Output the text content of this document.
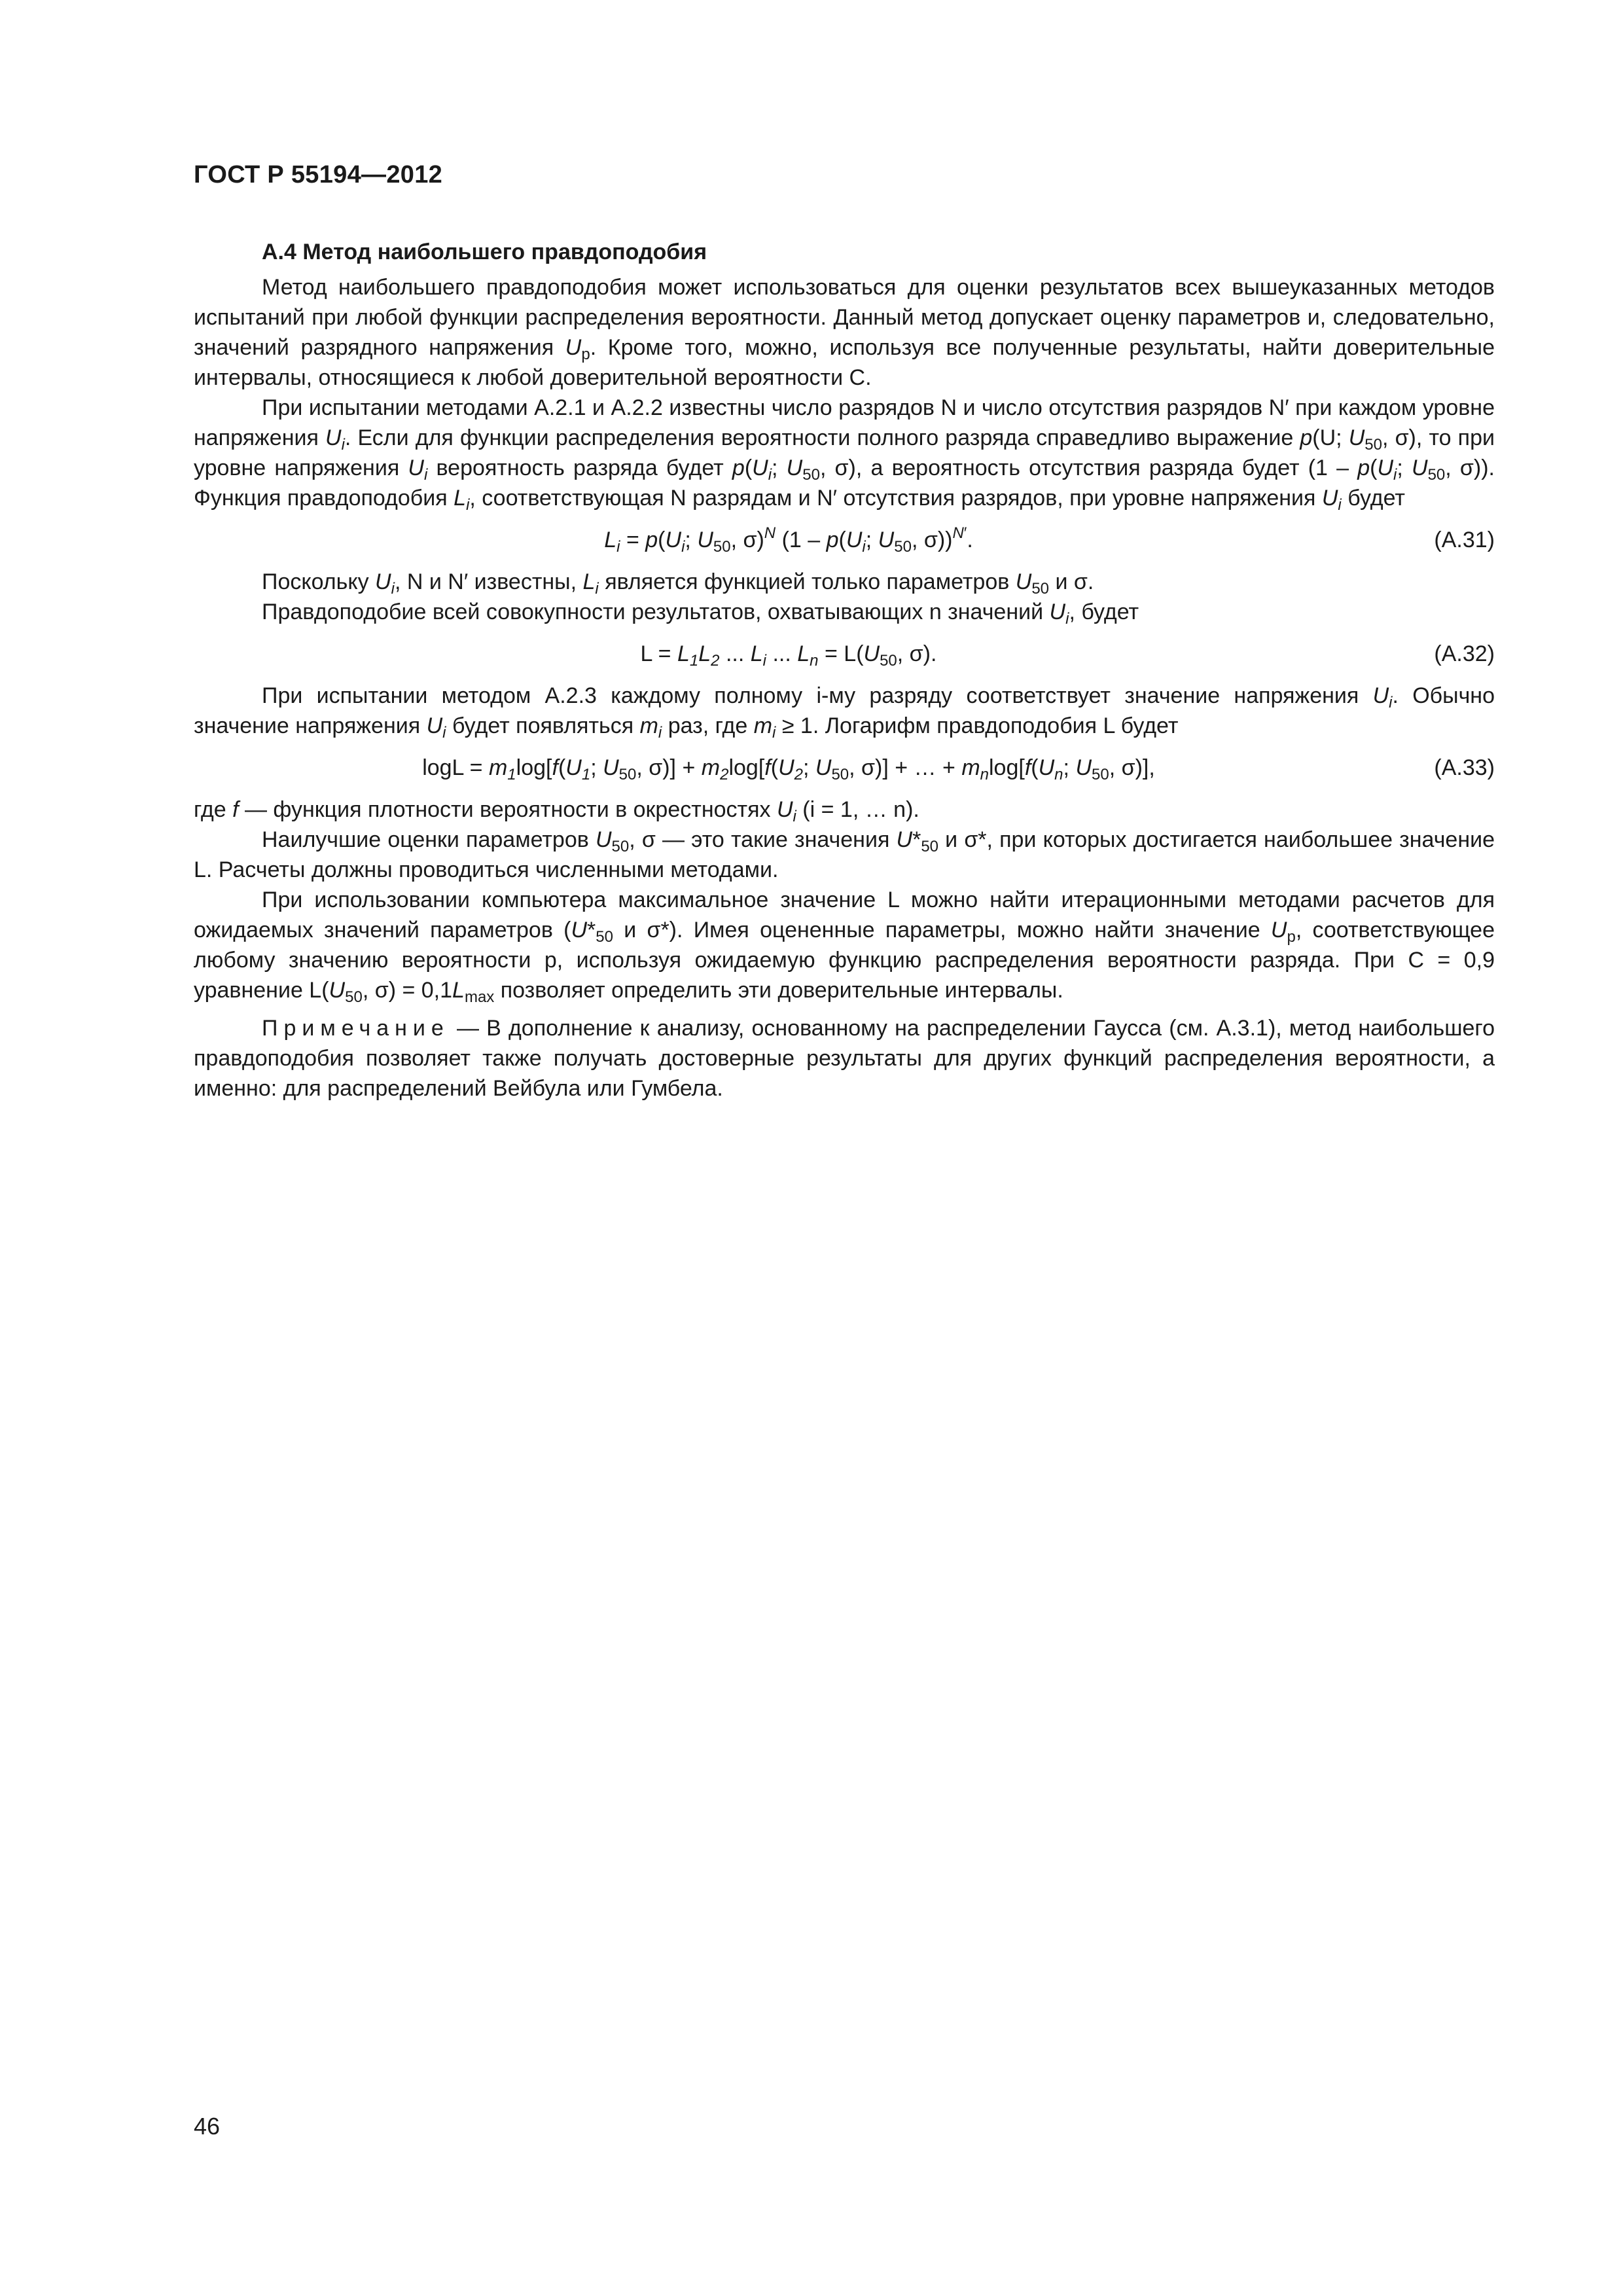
ГОСТ Р 55194—2012
А.4 Метод наибольшего правдоподобия

Метод наибольшего правдоподобия может использоваться для оценки результатов всех вышеуказанных методов испытаний при любой функции распределения вероятности. Данный метод допускает оценку параметров и, следовательно, значений разрядного напряжения $U_р$. Кроме того, можно, используя все полученные результаты, найти доверительные интервалы, относящиеся к любой доверительной вероятности C.

При испытании методами А.2.1 и А.2.2 известны число разрядов N и число отсутствия разрядов N′ при каждом уровне напряжения $U_i$. Если для функции распределения вероятности полного разряда справедливо выражение p(U; $U_{50}$, σ), то при уровне напряжения $U_i$ вероятность разряда будет $p(U_i$; $U_{50}$, σ), а вероятность отсутствия разряда будет ($1 - p(U_i$; $U_{50}$, σ)). Функция правдоподобия $L_i$, соответствующая N разрядам и N′ отсутствия разрядов, при уровне напряжения $U_i$ будет

$L_i = p(U_i$; $U_{50}$, σ)$^N$ ($1 - p(U_i$; $U_{50}$, σ))$^{N'}$.	(А.31)

Поскольку $U_i$, N и N′ известны, $L_i$ является функцией только параметров $U_{50}$ и σ.

Правдоподобие всей совокупности результатов, охватывающих n значений $U_i$, будет

$L = L_1L_2$ ... $L_i$ ... $L_n = L(U_{50}$, σ).	(А.32)

При испытании методом А.2.3 каждому полному i-му разряду соответствует значение напряжения $U_i$. Обычно значение напряжения $U_i$ будет появляться $m_i$ раз, где $m_i \ge 1$. Логарифм правдоподобия L будет

$\log L = m_1\log[f(U_1$; $U_{50}$, $\sigma)] + m_2\log[f(U_2$; $U_{50}$, σ)] + … + $m_n\log[f(U_n$; $U_{50}$, σ)],	(А.33)

где f — функция плотности вероятности в окрестностях $U_i$ (i = 1, … n).

Наилучшие оценки параметров $U_{50}$, σ — это такие значения $U*_{50}$ и σ*, при которых достигается наибольшее значение L. Расчеты должны проводиться численными методами.

При использовании компьютера максимальное значение L можно найти итерационными методами расчетов для ожидаемых значений параметров ($U*_{50}$ и σ*). Имея оцененные параметры, можно найти значение $U_р$, соответствующее любому значению вероятности p, используя ожидаемую функцию распределения вероятности разряда. При C = 0,9 уравнение $L(U_{50}$, $\sigma) = 0,1L_{max}$ позволяет определить эти доверительные интервалы.

Примечание — В дополнение к анализу, основанному на распределении Гаусса (см. А.3.1), метод наибольшего правдоподобия позволяет также получать достоверные результаты для других функций распределения вероятности, а именно: для распределений Вейбула или Гумбела.

46
